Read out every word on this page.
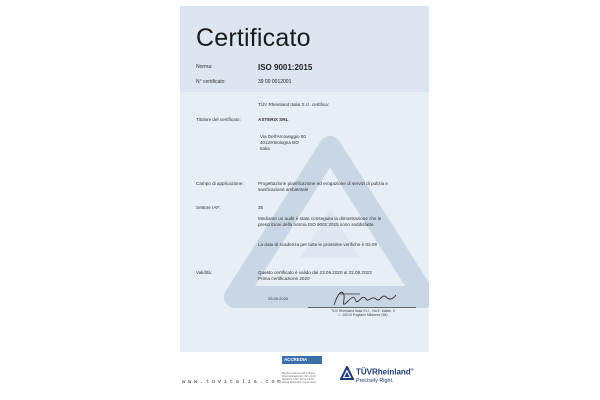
Certificato
Norma:	ISO 9001:2015
N° certificato:	39 00 0012001
TÜV Rheinland Italia S.r.l. certifica:
Titolare del certificato:	ASTERIX SRL
Via Dell'Arcoveggio 80
40129 Bologna BO
Italia
Campo di applicazione:	Progettazione pianificazione ed erogazione di servizi di pulizia e
sanificazione ambientale
Settore IAF:	35
Mediante un audit è stata conseguita la dimostrazione che le
prescrizioni della norma ISO 9001:2015 sono soddisfatte.
La data di scadenza per tutte le prossime verifiche è 03.09
Validità:	Questo certificato è valido dal 23.09.2020 al 22.09.2023
Prima certificazione 2020
25.09.2020
TÜV Rheinland Italia S.r.l., Via E. Mattei, 3
I - 20010 Pogliano Milanese (MI)
www.tuvitalia.com
ACCREDIA
Membro degli Accordi di Mutuo
Riconoscimento EA, IAF e ILAC
Signatory of EA, IAF and ILAC
Mutual Recognition Agreements
TÜVRheinland®
Precisely Right.
